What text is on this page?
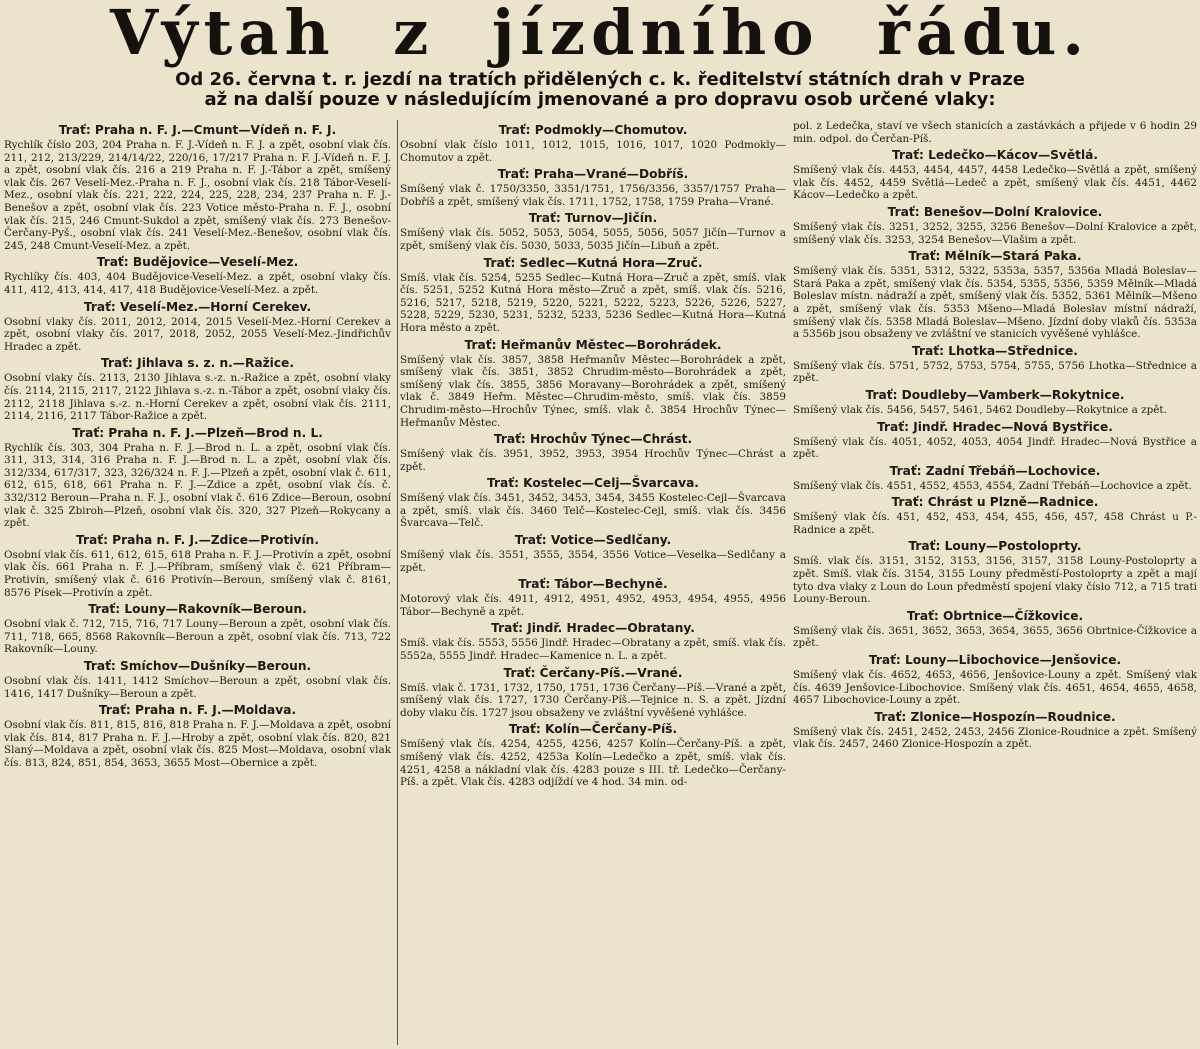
Výtah z jízdního řádu.
Od 26. června t. r. jezdí na tratích přidělených c. k. ředitelství státních drah v Praze
až na další pouze v následujícím jmenované a pro dopravu osob určené vlaky:
Trať: Praha n. F. J.—Cmunt—Vídeň n. F. J.
Rychlík číslo 203, 204 Praha n. F. J.-Vídeň n. F. J. a zpět, osobní vlak čís. 211, 212, 213/229, 214/14/22, 220/16, 17/217 Praha n. F. J.-Vídeň n. F. J. a zpět, osobní vlak čís. 216 a 219 Praha n. F. J.-Tábor a zpět, smíšený vlak čís. 267 Veselí-Mez.-Praha n. F. J., osobní vlak čís. 218 Tábor-Veselí-Mez., osobní vlak čís. 221, 222, 224, 225, 228, 234, 237 Praha n. F. J.-Benešov a zpět, osobní vlak čís. 223 Votice město-Praha n. F. J., osobní vlak čís. 215, 246 Cmunt-Sukdol a zpět, smíšený vlak čís. 273 Benešov-Čerčany-Pyš., osobní vlak čís. 241 Veselí-Mez.-Benešov, osobní vlak čís. 245, 248 Cmunt-Veselí-Mez. a zpět.
Trať: Budějovice—Veselí-Mez.
Rychlíky čís. 403, 404 Budějovice-Veselí-Mez. a zpět, osobní vlaky čís. 411, 412, 413, 414, 417, 418 Budějovice-Veselí-Mez. a zpět.
Trať: Veselí-Mez.—Horní Cerekev.
Osobní vlaky čís. 2011, 2012, 2014, 2015 Veselí-Mez.-Horní Cerekev a zpět, osobní vlaky čís. 2017, 2018, 2052, 2055 Veselí-Mez.-Jindřichův Hradec a zpět.
Trať: Jihlava s. z. n.—Ražice.
Osobní vlaky čís. 2113, 2130 Jihlava s.-z. n.-Ražice a zpět, osobní vlaky čís. 2114, 2115, 2117, 2122 Jihlava s.-z. n.-Tábor a zpět, osobní vlaky čís. 2112, 2118 Jihlava s.-z. n.-Horní Cerekev a zpět, osobní vlak čís. 2111, 2114, 2116, 2117 Tábor-Ražice a zpět.
Trať: Praha n. F. J.—Plzeň—Brod n. L.
Rychlík čís. 303, 304 Praha n. F. J.—Brod n. L. a zpět, osobní vlak čís. 311, 313, 314, 316 Praha n. F. J.—Brod n. L. a zpět, osobní vlak čís. 312/334, 617/317, 323, 326/324 n. F. J.—Plzeň a zpět, osobní vlak č. 611, 612, 615, 618, 661 Praha n. F. J.—Zdice a zpět, osobní vlak čís. č. 332/312 Beroun—Praha n. F. J., osobní vlak č. 616 Zdice—Beroun, osobní vlak č. 325 Zbiroh—Plzeň, osobní vlak čís. 320, 327 Plzeň—Rokycany a zpět.
Trať: Praha n. F. J.—Zdice—Protivín.
Osobní vlak čís. 611, 612, 615, 618 Praha n. F. J.—Protivín a zpět, osobní vlak čís. 661 Praha n. F. J.—Příbram, smíšený vlak č. 621 Příbram—Protivín, smíšený vlak č. 616 Protivín—Beroun, smíšený vlak č. 8161, 8576 Písek—Protivín a zpět.
Trať: Louny—Rakovník—Beroun.
Osobní vlak č. 712, 715, 716, 717 Louny—Beroun a zpět, osobní vlak čís. 711, 718, 665, 8568 Rakovník—Beroun a zpět, osobní vlak čís. 713, 722 Rakovník—Louny.
Trať: Smíchov—Dušníky—Beroun.
Osobní vlak čís. 1411, 1412 Smíchov—Beroun a zpět, osobní vlak čís. 1416, 1417 Dušníky—Beroun a zpět.
Trať: Praha n. F. J.—Moldava.
Osobní vlak čís. 811, 815, 816, 818 Praha n. F. J.—Moldava a zpět, osobní vlak čís. 814, 817 Praha n. F. J.—Hroby a zpět, osobní vlak čís. 820, 821 Slaný—Moldava a zpět, osobní vlak čís. 825 Most—Moldava, osobní vlak čís. 813, 824, 851, 854, 3653, 3655 Most—Obernice a zpět.
Trať: Podmokly—Chomutov.
Osobní vlak číslo 1011, 1012, 1015, 1016, 1017, 1020 Podmokly—Chomutov a zpět.
Trať: Praha—Vrané—Dobříš.
Smíšený vlak č. 1750/3350, 3351/1751, 1756/3356, 3357/1757 Praha—Dobříš a zpět, smíšený vlak čís. 1711, 1752, 1758, 1759 Praha—Vrané.
Trať: Turnov—Jičín.
Smíšený vlak čís. 5052, 5053, 5054, 5055, 5056, 5057 Jičín—Turnov a zpět, smíšený vlak čís. 5030, 5033, 5035 Jičín—Libuň a zpět.
Trať: Sedlec—Kutná Hora—Zruč.
Smíš. vlak čís. 5254, 5255 Sedlec—Kutná Hora—Zruč a zpět, smíš. vlak čís. 5251, 5252 Kutná Hora město—Zruč a zpět, smíš. vlak čís. 5216, 5216, 5217, 5218, 5219, 5220, 5221, 5222, 5223, 5226, 5226, 5227, 5228, 5229, 5230, 5231, 5232, 5233, 5236 Sedlec—Kutná Hora—Kutná Hora město a zpět.
Trať: Heřmanův Městec—Borohrádek.
Smíšený vlak čís. 3857, 3858 Heřmanův Městec—Borohrádek a zpět, smíšený vlak čís. 3851, 3852 Chrudim-město—Borohrádek a zpět, smíšený vlak čís. 3855, 3856 Moravany—Borohrádek a zpět, smíšený vlak č. 3849 Heřm. Městec—Chrudim-město, smíš. vlak čís. 3859 Chrudim-město—Hrochův Týnec, smíš. vlak č. 3854 Hrochův Týnec—Heřmanův Městec.
Trať: Hrochův Týnec—Chrást.
Smíšený vlak čís. 3951, 3952, 3953, 3954 Hrochův Týnec—Chrást a zpět.
Trať: Kostelec—Celj—Švarcava.
Smíšený vlak čís. 3451, 3452, 3453, 3454, 3455 Kostelec-Cejl—Švarcava a zpět, smíš. vlak čís. 3460 Telč—Kostelec-Cejl, smíš. vlak čís. 3456 Švarcava—Telč.
Trať: Votice—Sedlčany.
Smíšený vlak čís. 3551, 3555, 3554, 3556 Votice—Veselka—Sedlčany a zpět.
Trať: Tábor—Bechyně.
Motorový vlak čís. 4911, 4912, 4951, 4952, 4953, 4954, 4955, 4956 Tábor—Bechyně a zpět.
Trať: Jindř. Hradec—Obratany.
Smíš. vlak čís. 5553, 5556 Jindř. Hradec—Obratany a zpět, smíš. vlak čís. 5552a, 5555 Jindř. Hradec—Kamenice n. L. a zpět.
Trať: Čerčany-Píš.—Vrané.
Smíš. vlak č. 1731, 1732, 1750, 1751, 1736 Čerčany—Píš.—Vrané a zpět, smíšený vlak čís. 1727, 1730 Čerčany-Píš.—Tejnice n. S. a zpět. Jízdní doby vlaku čís. 1727 jsou obsaženy ve zvláštní vyvěšené vyhlášce.
Trať: Kolín—Čerčany-Píš.
Smíšený vlak čís. 4254, 4255, 4256, 4257 Kolín—Čerčany-Píš. a zpět, smíšený vlak čís. 4252, 4253a Kolín—Ledečko a zpět, smíš. vlak čís. 4251, 4258 a nákladní vlak čís. 4283 pouze s III. tř. Ledečko—Čerčany-Píš. a zpět. Vlak čís. 4283 odjíždí ve 4 hod. 34 min. od-
pol. z Ledečka, staví ve všech stanicích a zastávkách a přijede v 6 hodin 29 min. odpol. do Čerčan-Píš.
Trať: Ledečko—Kácov—Světlá.
Smíšený vlak čís. 4453, 4454, 4457, 4458 Ledečko—Světlá a zpět, smíšený vlak čís. 4452, 4459 Světlá—Ledeč a zpět, smíšený vlak čís. 4451, 4462 Kácov—Ledečko a zpět.
Trať: Benešov—Dolní Kralovice.
Smíšený vlak čís. 3251, 3252, 3255, 3256 Benešov—Dolní Kralovice a zpět, smíšený vlak čís. 3253, 3254 Benešov—Vlašim a zpět.
Trať: Mělník—Stará Paka.
Smíšený vlak čís. 5351, 5312, 5322, 5353a, 5357, 5356a Mladá Boleslav—Stará Paka a zpět, smíšený vlak čís. 5354, 5355, 5356, 5359 Mělník—Mladá Boleslav místn. nádraží a zpět, smíšený vlak čís. 5352, 5361 Mělník—Mšeno a zpět, smíšený vlak čís. 5353 Mšeno—Mladá Boleslav místní nádraží, smíšený vlak čís. 5358 Mladá Boleslav—Mšeno. Jízdní doby vlaků čís. 5353a a 5356b jsou obsaženy ve zvláštní ve stanicích vyvěšené vyhlášce.
Trať: Lhotka—Střednice.
Smíšený vlak čís. 5751, 5752, 5753, 5754, 5755, 5756 Lhotka—Střednice a zpět.
Trať: Doudleby—Vamberk—Rokytnice.
Smíšený vlak čís. 5456, 5457, 5461, 5462 Doudleby—Rokytnice a zpět.
Trať: Jindř. Hradec—Nová Bystřice.
Smíšený vlak čís. 4051, 4052, 4053, 4054 Jindř. Hradec—Nová Bystřice a zpět.
Trať: Zadní Třebáň—Lochovice.
Smíšený vlak čís. 4551, 4552, 4553, 4554, Zadní Třebáň—Lochovice a zpět.
Trať: Chrást u Plzně—Radnice.
Smíšený vlak čís. 451, 452, 453, 454, 455, 456, 457, 458 Chrást u P.-Radnice a zpět.
Trať: Louny—Postoloprty.
Smíš. vlak čís. 3151, 3152, 3153, 3156, 3157, 3158 Louny-Postoloprty a zpět. Smíš. vlak čís. 3154, 3155 Louny předměstí-Postoloprty a zpět a mají tyto dva vlaky z Loun do Loun předměstí spojení vlaky číslo 712, a 715 trati Louny-Beroun.
Trať: Obrtnice—Čížkovice.
Smíšený vlak čís. 3651, 3652, 3653, 3654, 3655, 3656 Obrtnice-Čížkovice a zpět.
Trať: Louny—Libochovice—Jenšovice.
Smíšený vlak čís. 4652, 4653, 4656, Jenšovice-Louny a zpět. Smíšený vlak čís. 4639 Jenšovice-Libochovice. Smíšený vlak čís. 4651, 4654, 4655, 4658, 4657 Libochovice-Louny a zpět.
Trať: Zlonice—Hospozín—Roudnice.
Smíšený vlak čís. 2451, 2452, 2453, 2456 Zlonice-Roudnice a zpět. Smíšený vlak čís. 2457, 2460 Zlonice-Hospozín a zpět.
